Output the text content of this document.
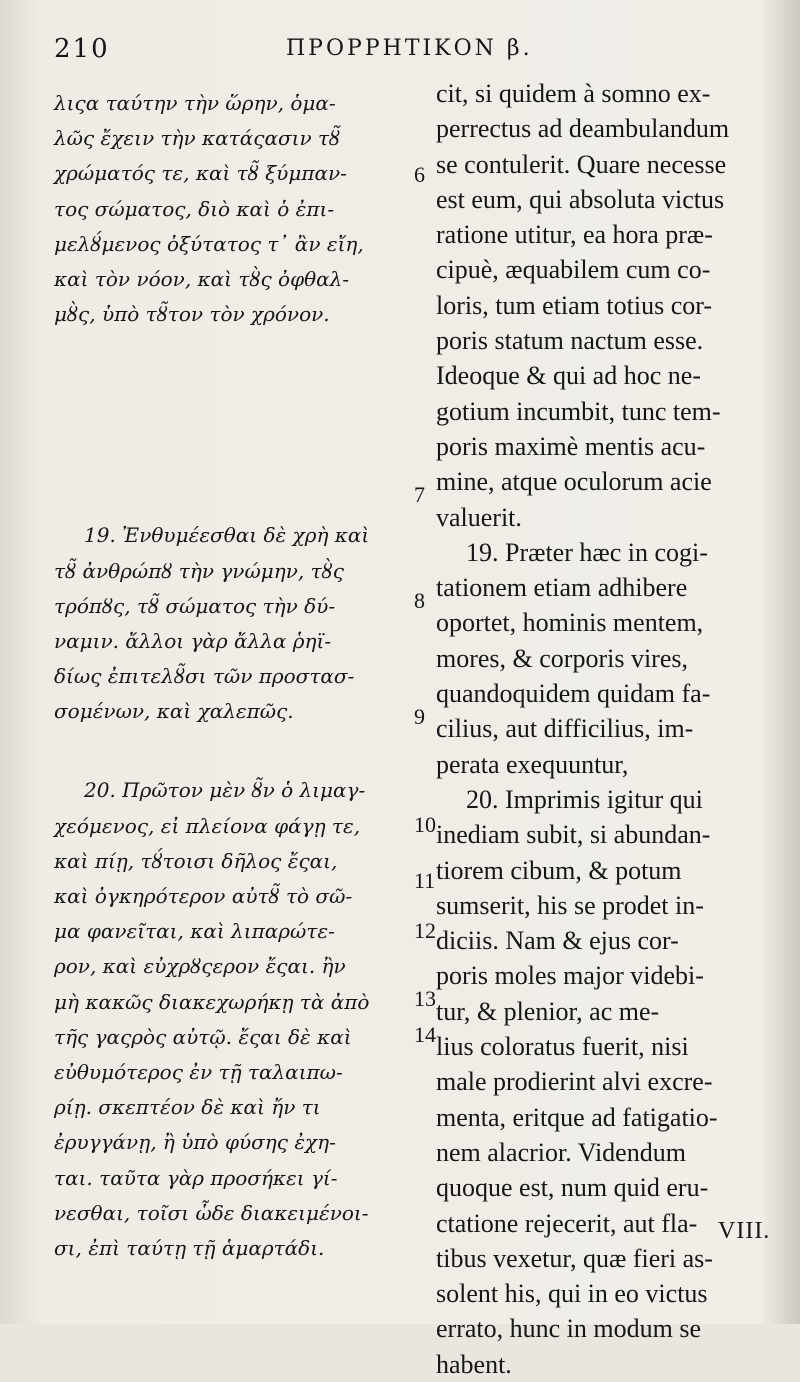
210	ΠΡΟΡΡΗΤΙΚΟΝ β.
λιςα ταύτην τὴν ὥρην, ὁμα-
λῶς ἔχειν τὴν κατάςασιν τȣ̃
χρώματός τε, καὶ τȣ̃ ξύμπαν-
τος σώματος, διὸ καὶ ὁ ἐπι-
μελȣ́μενος ὀξύτατος τ᾽ ἂν εἴη,
καὶ τὸν νόον, καὶ τȣ̀ς ὀφθαλ-
μȣ̀ς, ὑπὸ τȣ̃τον τὸν χρόνον.
19. Ἐνθυμέεσθαι δὲ χρὴ καὶ
τȣ̃ ἀνθρώπȣ τὴν γνώμην, τȣ̀ς
τρόπȣς, τȣ̃ σώματος τὴν δύ-
ναμιν. ἄλλοι γὰρ ἄλλα ῥηϊ-
δίως ἐπιτελȣ̃σι τῶν προστασ-
σομένων, καὶ χαλεπῶς.
20. Πρῶτον μὲν ȣ̃ν ὁ λιμαγ-
χεόμενος, εἰ πλείονα φάγῃ τε,
καὶ πίῃ, τȣ́τοισι δῆλος ἔςαι,
καὶ ὀγκηρότερον αὐτȣ̃ τὸ σῶ-
μα φανεῖται, καὶ λιπαρώτε-
ρον, καὶ εὐχρȣςερον ἔςαι. ἢν
μὴ κακῶς διακεχωρήκῃ τὰ ἀπὸ
τῆς γαςρὸς αὐτῷ. ἔςαι δὲ καὶ
εὐθυμότερος ἐν τῇ ταλαιπω-
ρίῃ. σκεπτέον δὲ καὶ ἤν τι
ἐρυγγάνῃ, ἢ ὑπὸ φύσης ἐχη-
ται. ταῦτα γὰρ προσήκει γί-
νεσθαι, τοῖσι ὧδε διακειμένοι-
σι, ἐπὶ ταύτῃ τῇ ἁμαρτάδι.
6
7
8
9
10
11
12
13
14
cit, si quidem à somno ex-
perrectus ad deambulandum
se contulerit. Quare necesse
est eum, qui absoluta victus
ratione utitur, ea hora præ-
cipuè, æquabilem cum co-
loris, tum etiam totius cor-
poris statum nactum esse.
Ideoque & qui ad hoc ne-
gotium incumbit, tunc tem-
poris maximè mentis acu-
mine, atque oculorum acie
valuerit.
19. Præter hæc in cogi-
tationem etiam adhibere
oportet, hominis mentem,
mores, & corporis vires,
quandoquidem quidam fa-
cilius, aut difficilius, im-
perata exequuntur,
20. Imprimis igitur qui
inediam subit, si abundan-
tiorem cibum, & potum
sumserit, his se prodet in-
diciis. Nam & ejus cor-
poris moles major videbi-
tur, & plenior, ac me-
lius coloratus fuerit, nisi
male prodierint alvi excre-
menta, eritque ad fatigatio-
nem alacrior. Videndum
quoque est, num quid eru-
ctatione rejecerit, aut fla-
tibus vexetur, quæ fieri as-
solent his, qui in eo victus
errato, hunc in modum se
habent.
VIII.
